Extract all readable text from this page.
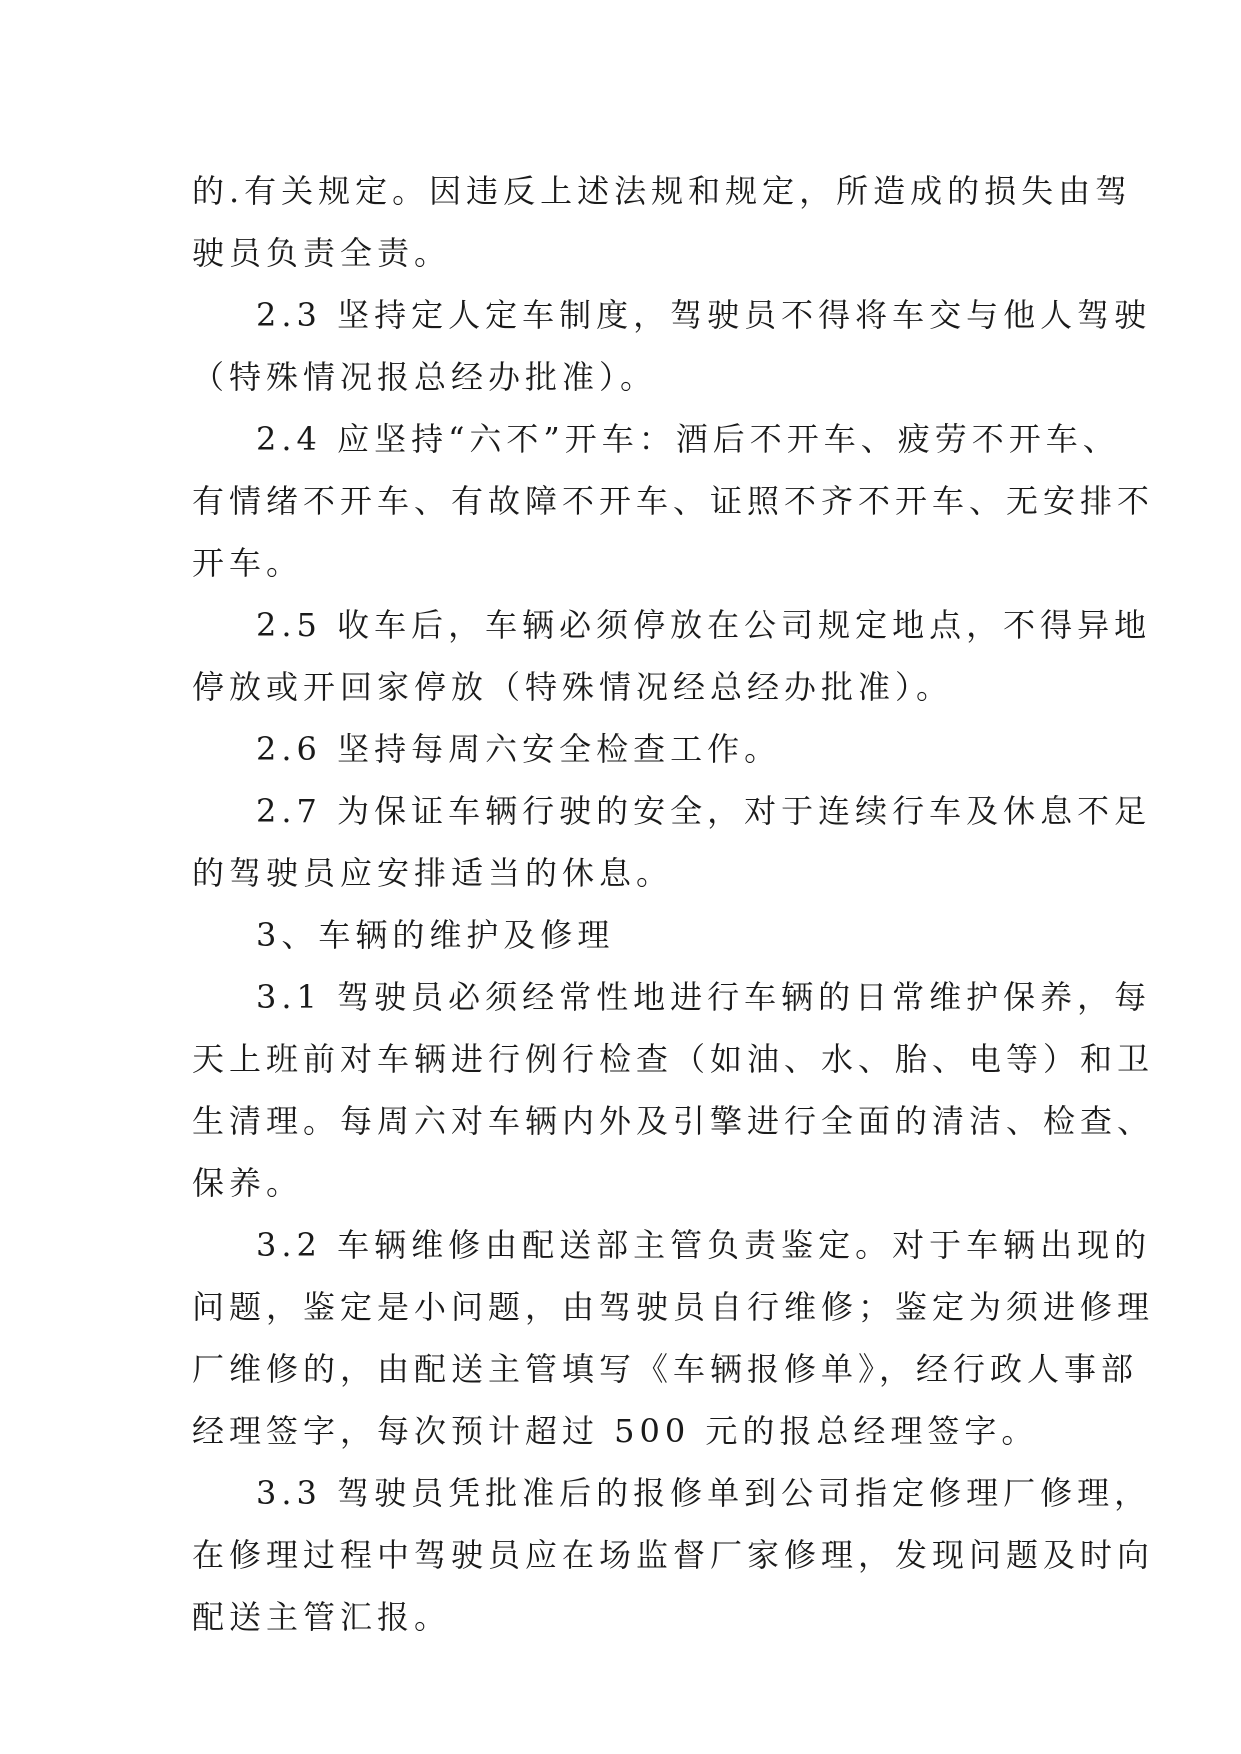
的.有关规定。因违反上述法规和规定，所造成的损失由驾
驶员负责全责。
2.3 坚持定人定车制度，驾驶员不得将车交与他人驾驶
（特殊情况报总经办批准）。
2.4 应坚持“六不”开车：酒后不开车、疲劳不开车、
有情绪不开车、有故障不开车、证照不齐不开车、无安排不
开车。
2.5 收车后，车辆必须停放在公司规定地点，不得异地
停放或开回家停放（特殊情况经总经办批准）。
2.6 坚持每周六安全检查工作。
2.7 为保证车辆行驶的安全，对于连续行车及休息不足
的驾驶员应安排适当的休息。
3、车辆的维护及修理
3.1 驾驶员必须经常性地进行车辆的日常维护保养，每
天上班前对车辆进行例行检查（如油、水、胎、电等）和卫
生清理。每周六对车辆内外及引擎进行全面的清洁、检查、
保养。
3.2 车辆维修由配送部主管负责鉴定。对于车辆出现的
问题，鉴定是小问题，由驾驶员自行维修；鉴定为须进修理
厂维修的，由配送主管填写《车辆报修单》，经行政人事部
经理签字，每次预计超过 500 元的报总经理签字。
3.3 驾驶员凭批准后的报修单到公司指定修理厂修理，
在修理过程中驾驶员应在场监督厂家修理，发现问题及时向
配送主管汇报。
